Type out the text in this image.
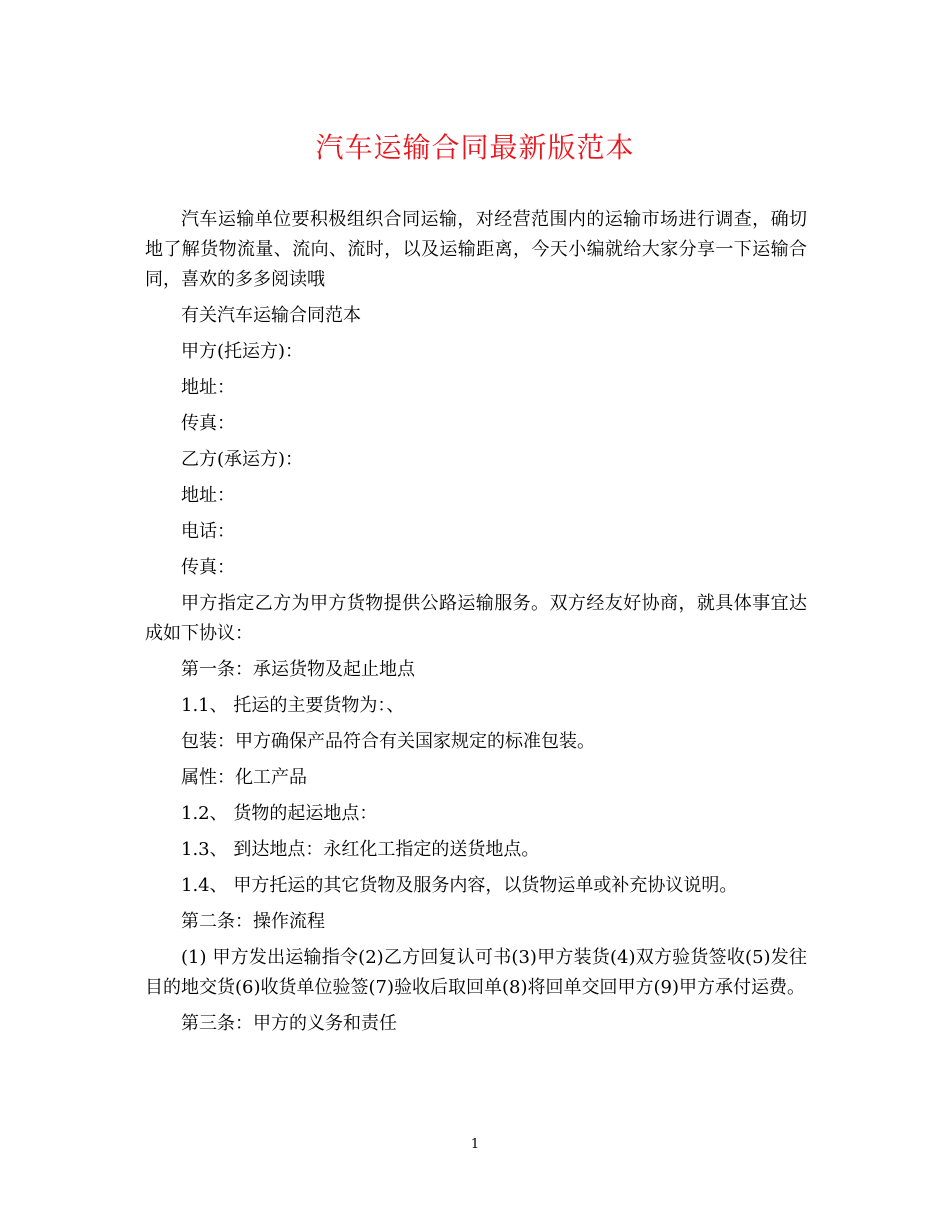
汽车运输合同最新版范本

汽车运输单位要积极组织合同运输，对经营范围内的运输市场进行调查，确切地了解货物流量、流向、流时，以及运输距离，今天小编就给大家分享一下运输合同，喜欢的多多阅读哦

有关汽车运输合同范本

甲方(托运方)：

地址：

传真：

乙方(承运方)：

地址：

电话：

传真：

甲方指定乙方为甲方货物提供公路运输服务。双方经友好协商，就具体事宜达成如下协议：

第一条：承运货物及起止地点

1.1、 托运的主要货物为：、

包装：甲方确保产品符合有关国家规定的标准包装。

属性：化工产品

1.2、 货物的起运地点：

1.3、 到达地点：永红化工指定的送货地点。

1.4、 甲方托运的其它货物及服务内容，以货物运单或补充协议说明。

第二条：操作流程

(1) 甲方发出运输指令(2)乙方回复认可书(3)甲方装货(4)双方验货签收(5)发往目的地交货(6)收货单位验签(7)验收后取回单(8)将回单交回甲方(9)甲方承付运费。

第三条：甲方的义务和责任

1
